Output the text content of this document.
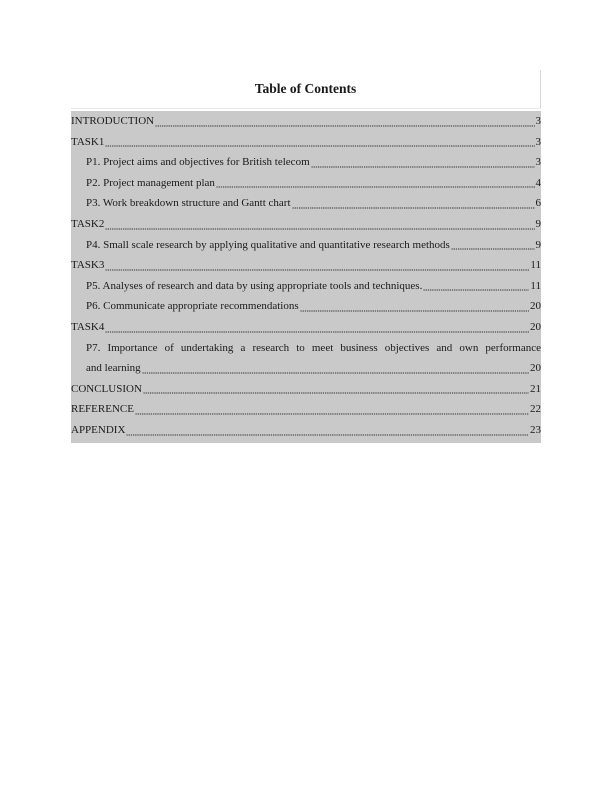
Table of Contents
INTRODUCTION	3
TASK1	3
P1. Project aims and objectives for British telecom	3
P2. Project management plan	4
P3. Work breakdown structure and Gantt chart	6
TASK2	9
P4. Small scale research by applying qualitative and quantitative research methods	9
TASK3	11
P5. Analyses of research and data by using appropriate tools and techniques.	11
P6. Communicate appropriate recommendations	20
TASK4	20
P7. Importance of undertaking a research to meet business objectives and own performance
and learning	20
CONCLUSION	21
REFERENCE	22
APPENDIX	23
